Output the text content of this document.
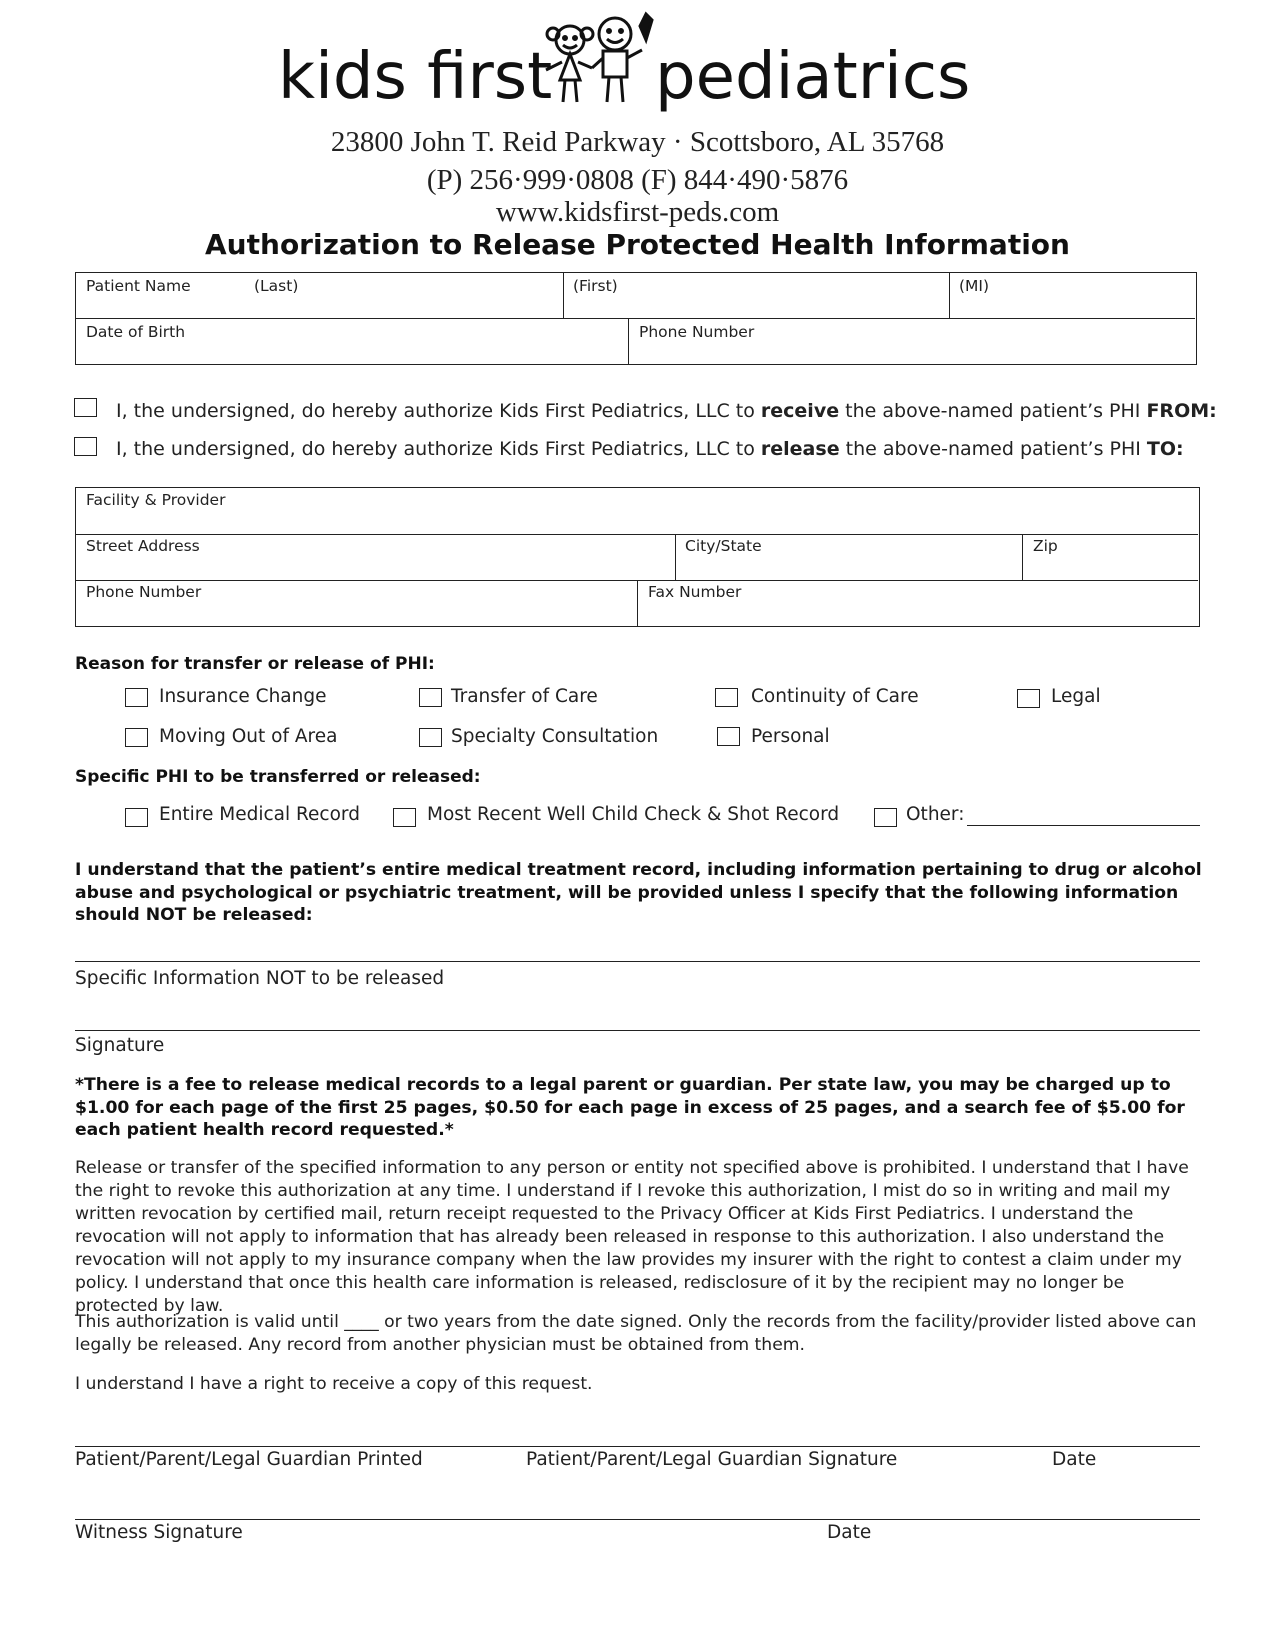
kids first pediatrics
23800 John T. Reid Parkway · Scottsboro, AL 35768
(P) 256·999·0808 (F) 844·490·5876
www.kidsfirst-peds.com
Authorization to Release Protected Health Information
Patient Name	(Last)	(First)	(MI)
Date of Birth	Phone Number
I, the undersigned, do hereby authorize Kids First Pediatrics, LLC to receive the above-named patient’s PHI FROM:
I, the undersigned, do hereby authorize Kids First Pediatrics, LLC to release the above-named patient’s PHI TO:
Facility & Provider
Street Address	City/State	Zip
Phone Number	Fax Number
Reason for transfer or release of PHI:
Insurance Change	Transfer of Care	Continuity of Care	Legal
Moving Out of Area	Specialty Consultation	Personal
Specific PHI to be transferred or released:
Entire Medical Record	Most Recent Well Child Check & Shot Record	Other:
I understand that the patient’s entire medical treatment record, including information pertaining to drug or alcohol abuse and psychological or psychiatric treatment, will be provided unless I specify that the following information should NOT be released:
Specific Information NOT to be released
Signature
*There is a fee to release medical records to a legal parent or guardian. Per state law, you may be charged up to $1.00 for each page of the first 25 pages, $0.50 for each page in excess of 25 pages, and a search fee of $5.00 for each patient health record requested.*
Release or transfer of the specified information to any person or entity not specified above is prohibited. I understand that I have the right to revoke this authorization at any time. I understand if I revoke this authorization, I mist do so in writing and mail my written revocation by certified mail, return receipt requested to the Privacy Officer at Kids First Pediatrics. I understand the revocation will not apply to information that has already been released in response to this authorization. I also understand the revocation will not apply to my insurance company when the law provides my insurer with the right to contest a claim under my policy. I understand that once this health care information is released, redisclosure of it by the recipient may no longer be protected by law.
This authorization is valid until ____ or two years from the date signed. Only the records from the facility/provider listed above can legally be released. Any record from another physician must be obtained from them.
I understand I have a right to receive a copy of this request.
Patient/Parent/Legal Guardian Printed	Patient/Parent/Legal Guardian Signature	Date
Witness Signature	Date
